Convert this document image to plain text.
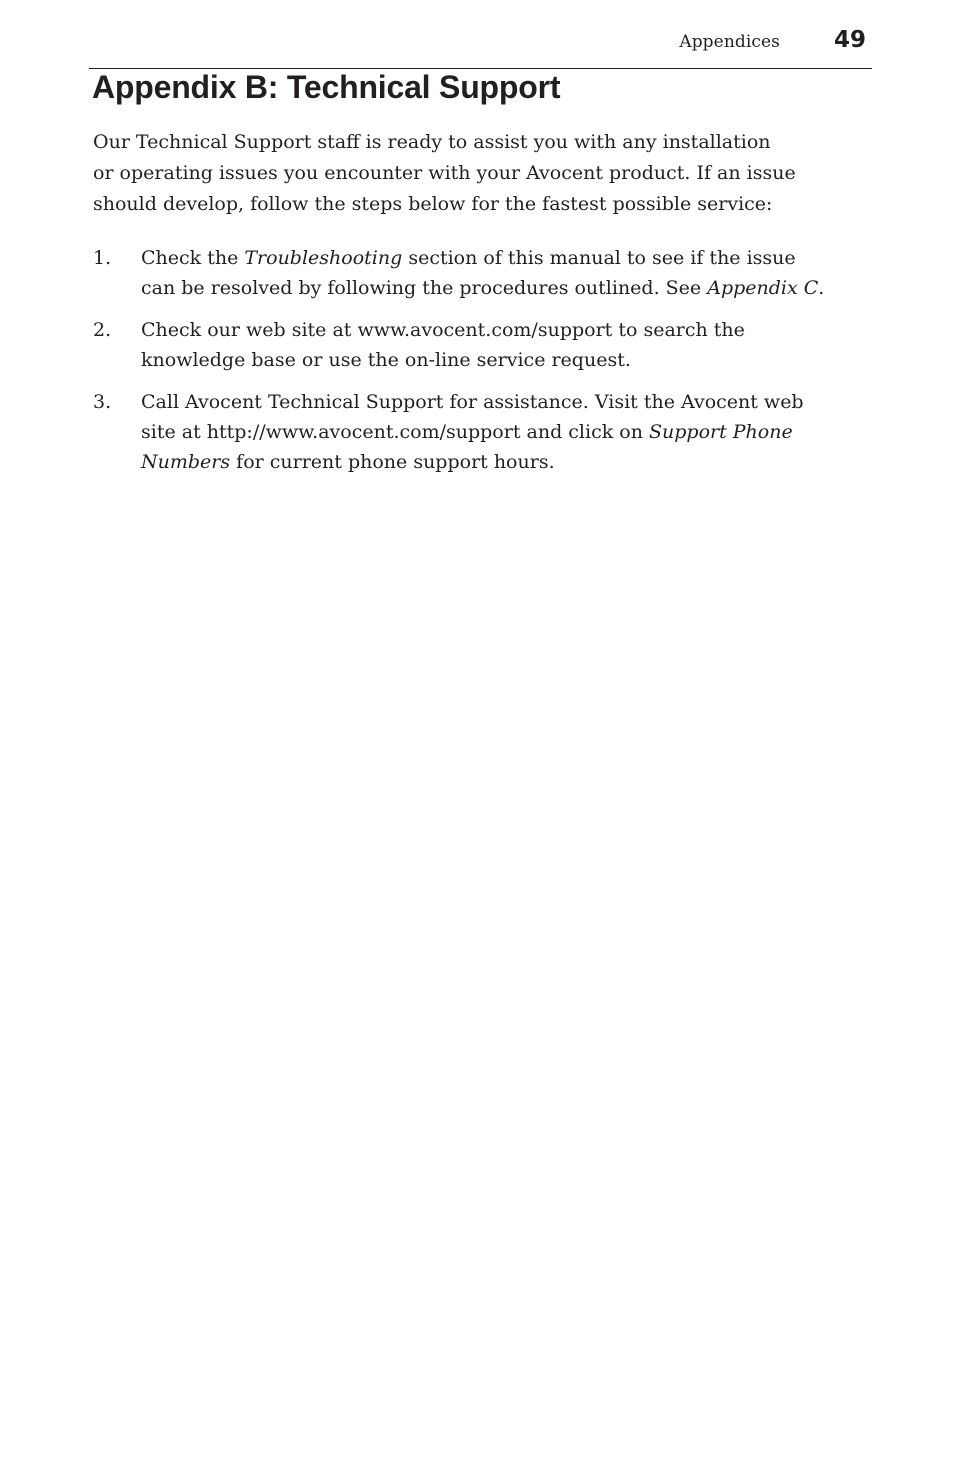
Appendices 49
Appendix B: Technical Support

Our Technical Support staff is ready to assist you with any installation
or operating issues you encounter with your Avocent product. If an issue
should develop, follow the steps below for the fastest possible service:

1. Check the Troubleshooting section of this manual to see if the issue
can be resolved by following the procedures outlined. See Appendix C.
2. Check our web site at www.avocent.com/support to search the
knowledge base or use the on-line service request.
3. Call Avocent Technical Support for assistance. Visit the Avocent web
site at http://www.avocent.com/support and click on Support Phone
Numbers for current phone support hours.
